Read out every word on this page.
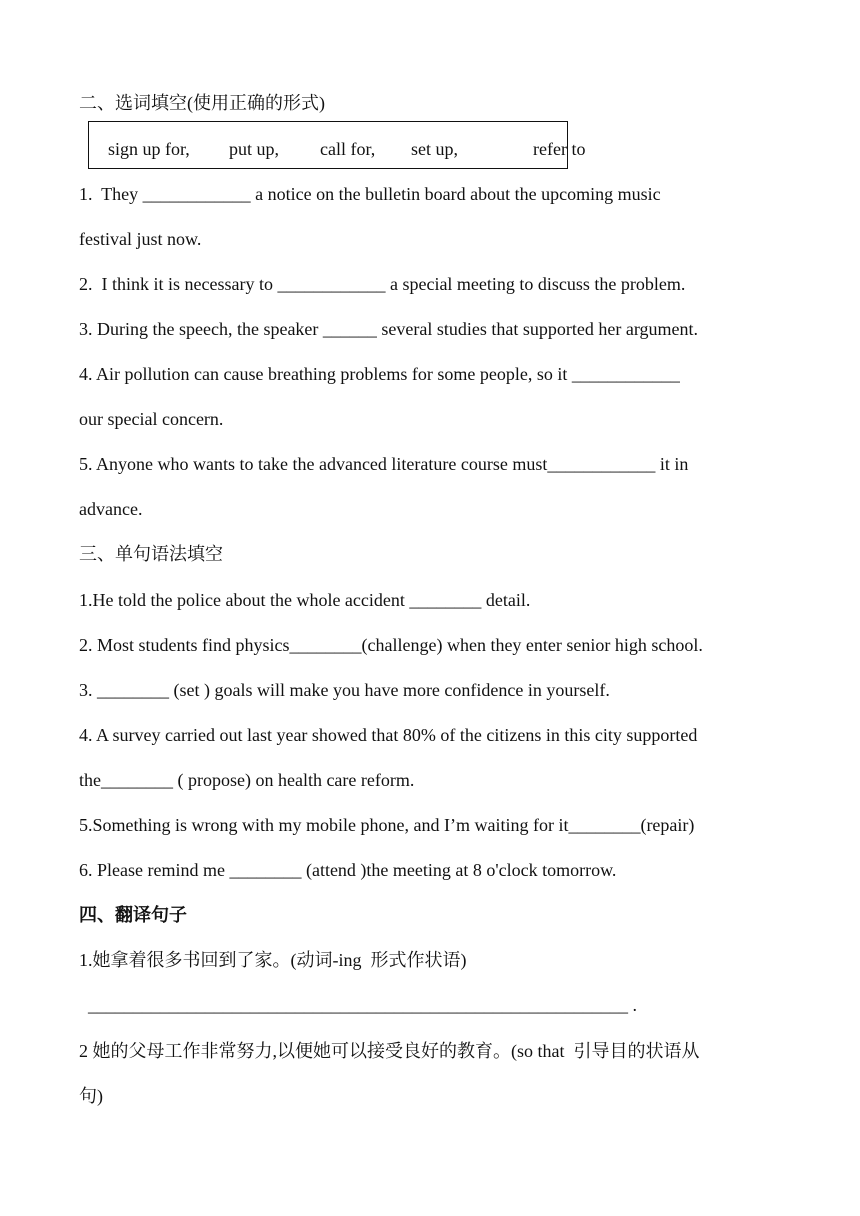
二、选词填空(使用正确的形式)
sign up for, put up, call for, set up,	refer to
1.  They ____________ a notice on the bulletin board about the upcoming music
festival just now.
2.  I think it is necessary to ____________ a special meeting to discuss the problem.
3. During the speech, the speaker ______ several studies that supported her argument.
4. Air pollution can cause breathing problems for some people, so it ____________
our special concern.
5. Anyone who wants to take the advanced literature course must____________ it in
advance.
三、单句语法填空
1.He told the police about the whole accident ________ detail.
2. Most students find physics________(challenge) when they enter senior high school.
3. ________ (set ) goals will make you have more confidence in yourself.
4. A survey carried out last year showed that 80% of the citizens in this city supported
the________ ( propose) on health care reform.
5.Something is wrong with my mobile phone, and I’m waiting for it________(repair)
6. Please remind me ________ (attend )the meeting at 8 o'clock tomorrow.
四、翻译句子
1.她拿着很多书回到了家。(动词-ing  形式作状语)
____________________________________________________________ .
2 她的父母工作非常努力,以便她可以接受良好的教育。(so that  引导目的状语从
句)
